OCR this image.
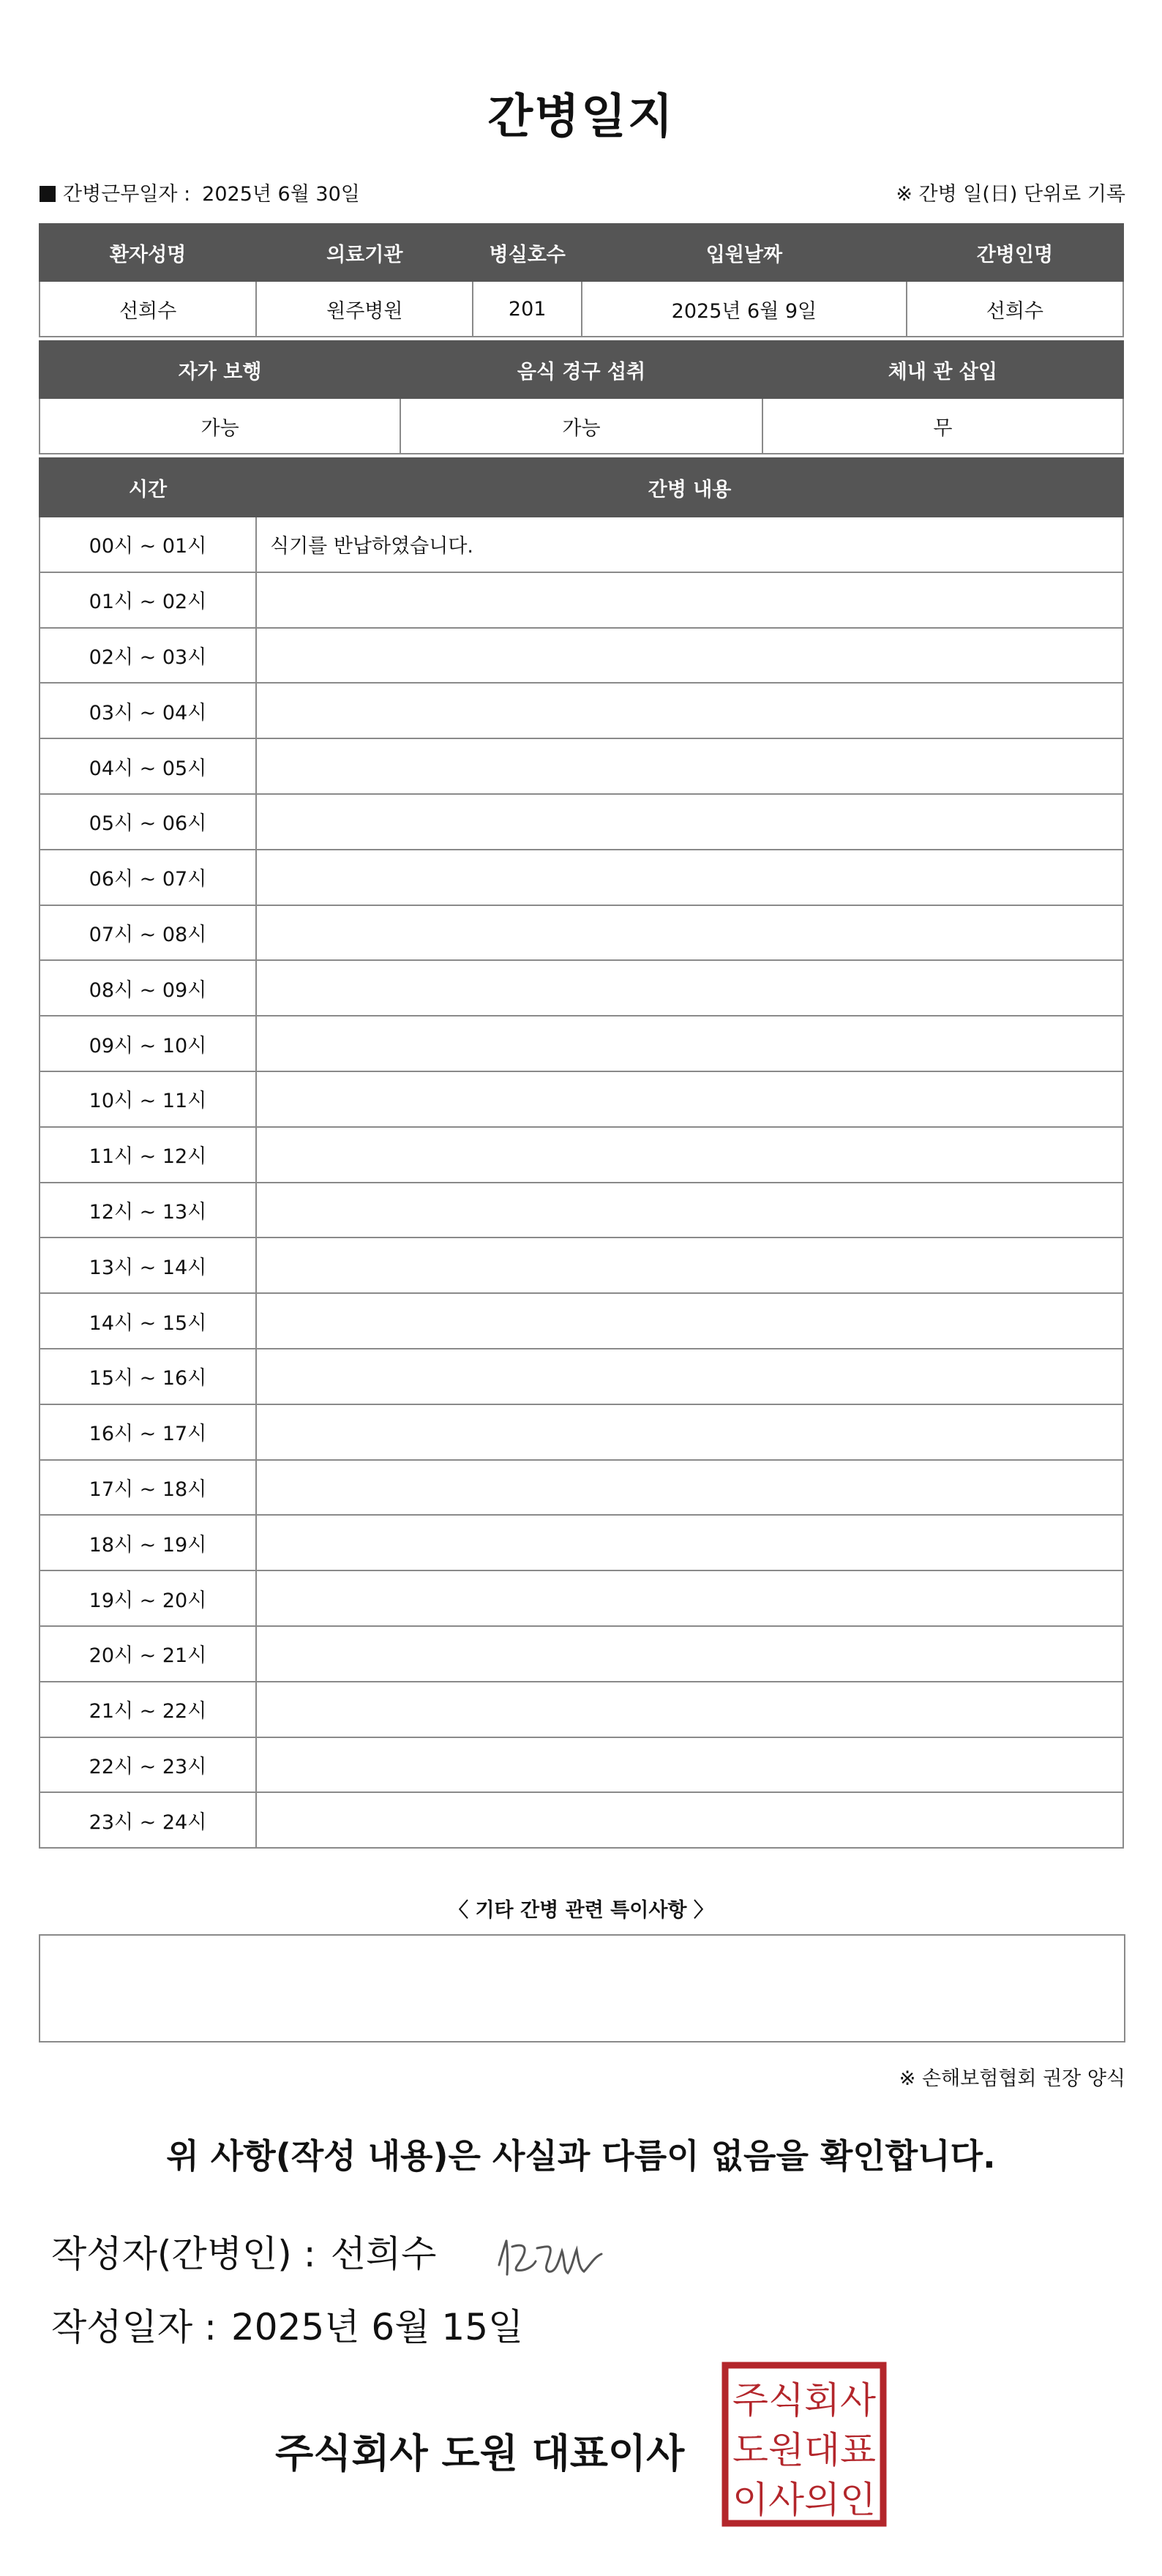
간병일지
간병근무일자 : 2025년 6월 30일	※ 간병 일(日) 단위로 기록
환자성명	의료기관	병실호수	입원날짜	간병인명
선희수	원주병원	201	2025년 6월 9일	선희수
자가 보행	음식 경구 섭취	체내 관 삽입
가능	가능	무
시간	간병 내용
00시 ~ 01시	식기를 반납하였습니다.
01시 ~ 02시	
02시 ~ 03시	
03시 ~ 04시	
04시 ~ 05시	
05시 ~ 06시	
06시 ~ 07시	
07시 ~ 08시	
08시 ~ 09시	
09시 ~ 10시	
10시 ~ 11시	
11시 ~ 12시	
12시 ~ 13시	
13시 ~ 14시	
14시 ~ 15시	
15시 ~ 16시	
16시 ~ 17시	
17시 ~ 18시	
18시 ~ 19시	
19시 ~ 20시	
20시 ~ 21시	
21시 ~ 22시	
22시 ~ 23시	
23시 ~ 24시	
〈 기타 간병 관련 특이사항 〉
※ 손해보험협회 권장 양식
위 사항(작성 내용)은 사실과 다름이 없음을 확인합니다.
작성자(간병인) : 선희수
작성일자 : 2025년 6월 15일
주식회사 도원 대표이사
주식회사
도원대표
이사의인
